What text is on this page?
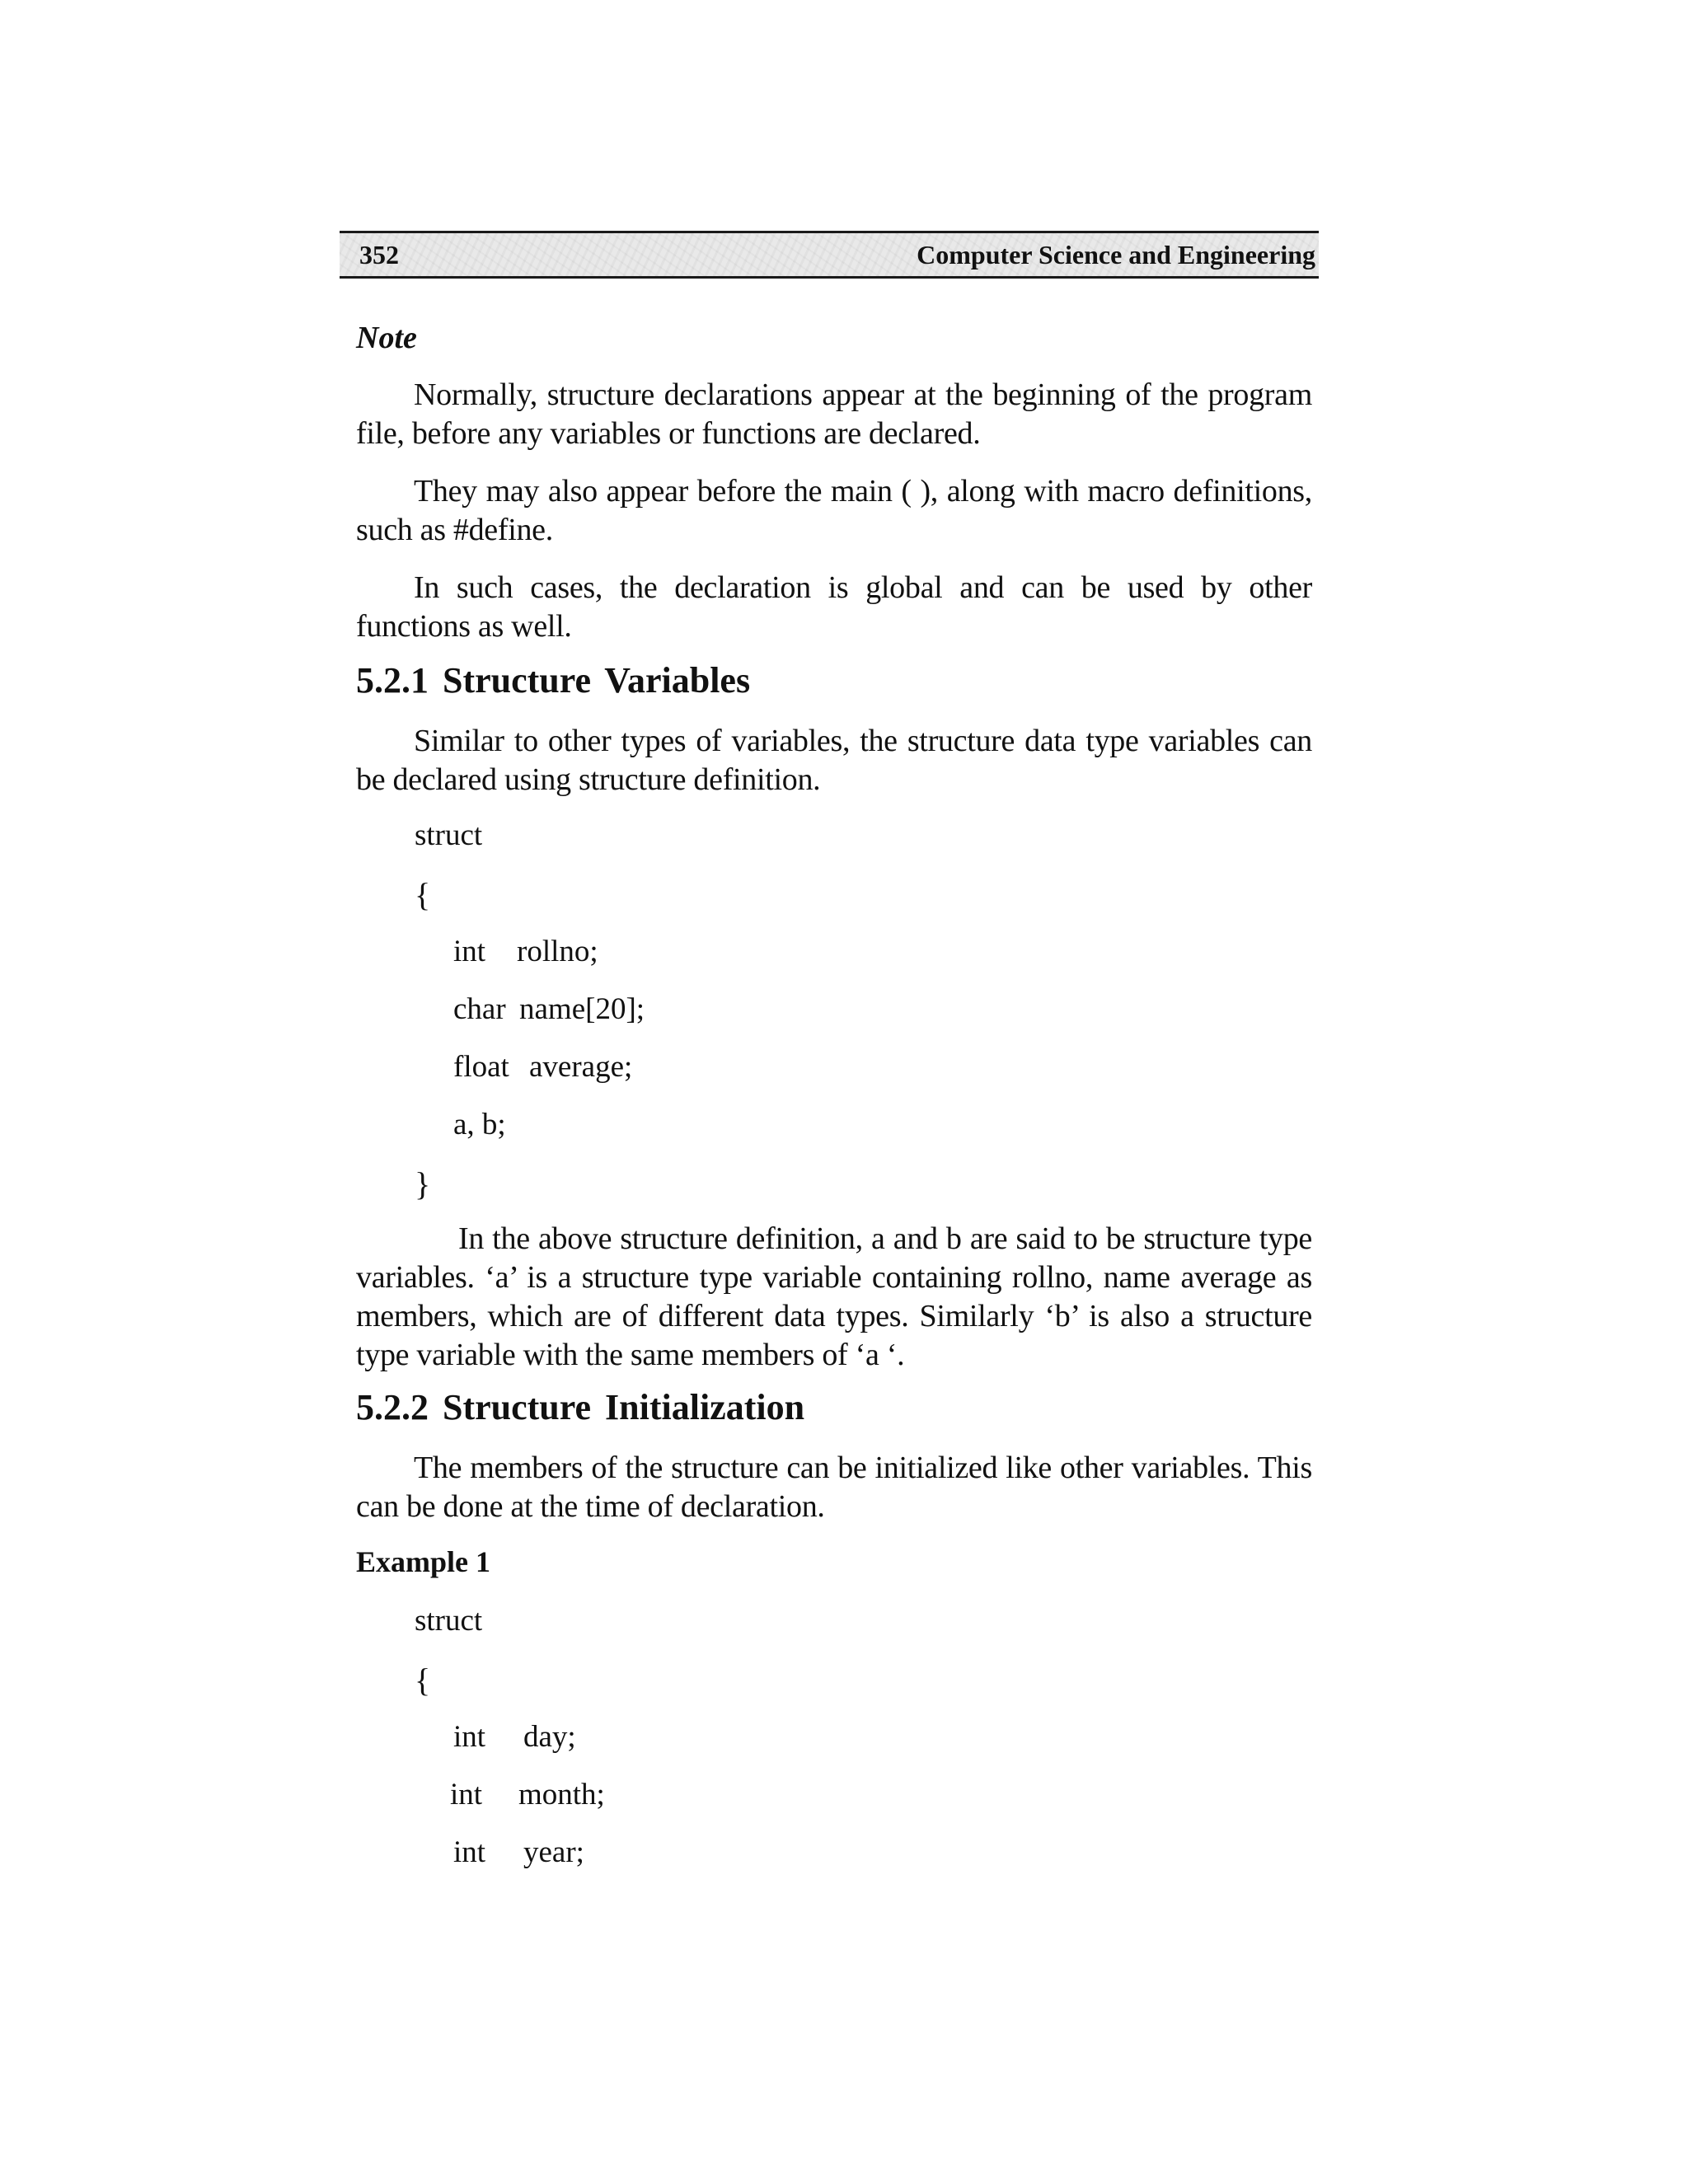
352	Computer Science and Engineering

Note

Normally, structure declarations appear at the beginning of the program file, before any variables or functions are declared.

They may also appear before the main ( ), along with macro definitions, such as #define.

In such cases, the declaration is global and can be used by other functions as well.

5.2.1 Structure Variables

Similar to other types of variables, the structure data type variables can be declared using structure definition.

struct
{
int rollno;
char name[20];
float average;
a, b;
}

In the above structure definition, a and b are said to be structure type variables. ‘a’ is a structure type variable containing rollno, name average as members, which are of different data types. Similarly ‘b’ is also a structure type variable with the same members of ‘a ‘.

5.2.2 Structure Initialization

The members of the structure can be initialized like other variables. This can be done at the time of declaration.

Example 1

struct
{
int day;
int month;
int year;
